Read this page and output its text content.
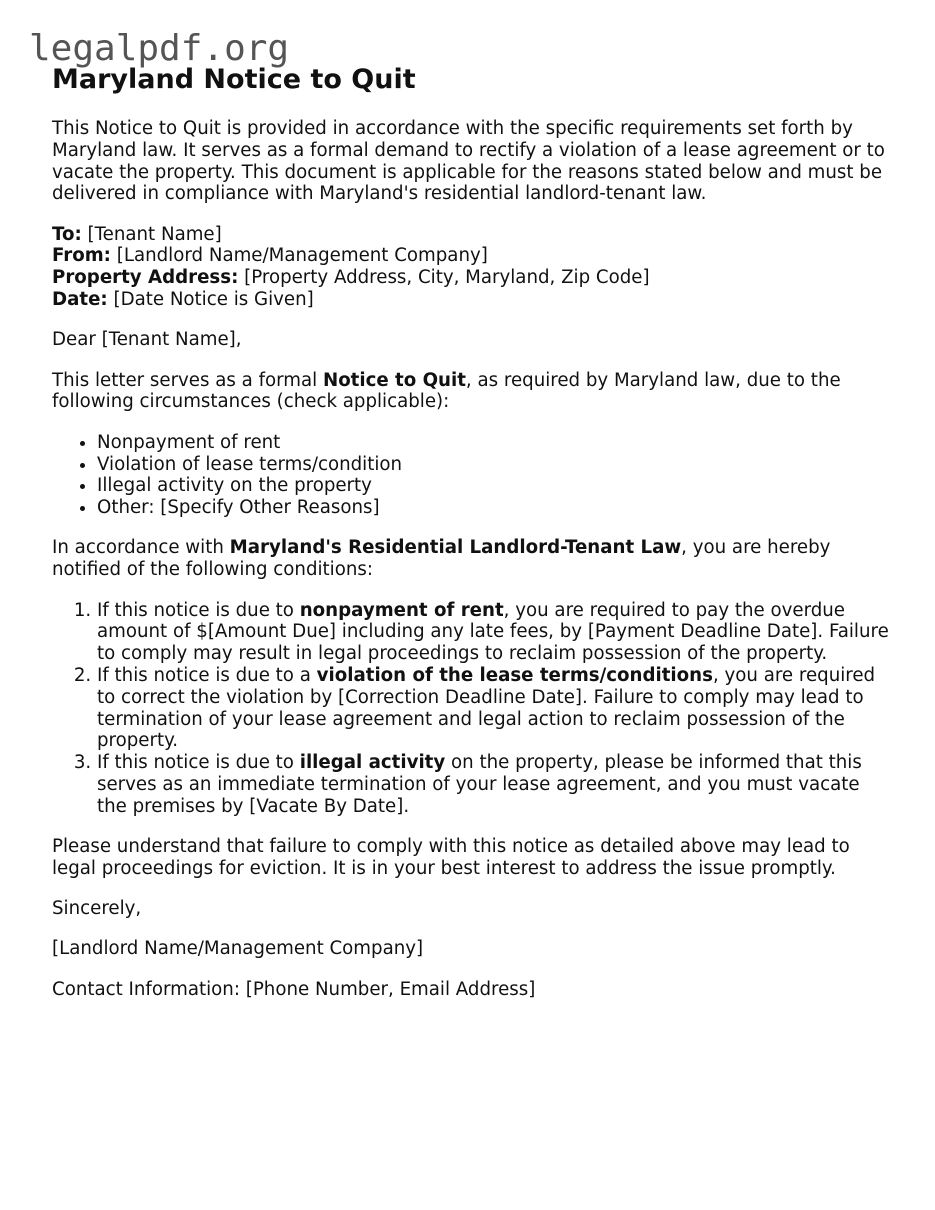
legalpdf.org
Maryland Notice to Quit

This Notice to Quit is provided in accordance with the specific requirements set forth by Maryland law. It serves as a formal demand to rectify a violation of a lease agreement or to vacate the property. This document is applicable for the reasons stated below and must be delivered in compliance with Maryland's residential landlord-tenant law.

To: [Tenant Name]
From: [Landlord Name/Management Company]
Property Address: [Property Address, City, Maryland, Zip Code]
Date: [Date Notice is Given]

Dear [Tenant Name],

This letter serves as a formal Notice to Quit, as required by Maryland law, due to the following circumstances (check applicable):

• Nonpayment of rent
• Violation of lease terms/condition
• Illegal activity on the property
• Other: [Specify Other Reasons]

In accordance with Maryland's Residential Landlord-Tenant Law, you are hereby notified of the following conditions:

1. If this notice is due to nonpayment of rent, you are required to pay the overdue amount of $[Amount Due] including any late fees, by [Payment Deadline Date]. Failure to comply may result in legal proceedings to reclaim possession of the property.
2. If this notice is due to a violation of the lease terms/conditions, you are required to correct the violation by [Correction Deadline Date]. Failure to comply may lead to termination of your lease agreement and legal action to reclaim possession of the property.
3. If this notice is due to illegal activity on the property, please be informed that this serves as an immediate termination of your lease agreement, and you must vacate the premises by [Vacate By Date].

Please understand that failure to comply with this notice as detailed above may lead to legal proceedings for eviction. It is in your best interest to address the issue promptly.

Sincerely,

[Landlord Name/Management Company]

Contact Information: [Phone Number, Email Address]
